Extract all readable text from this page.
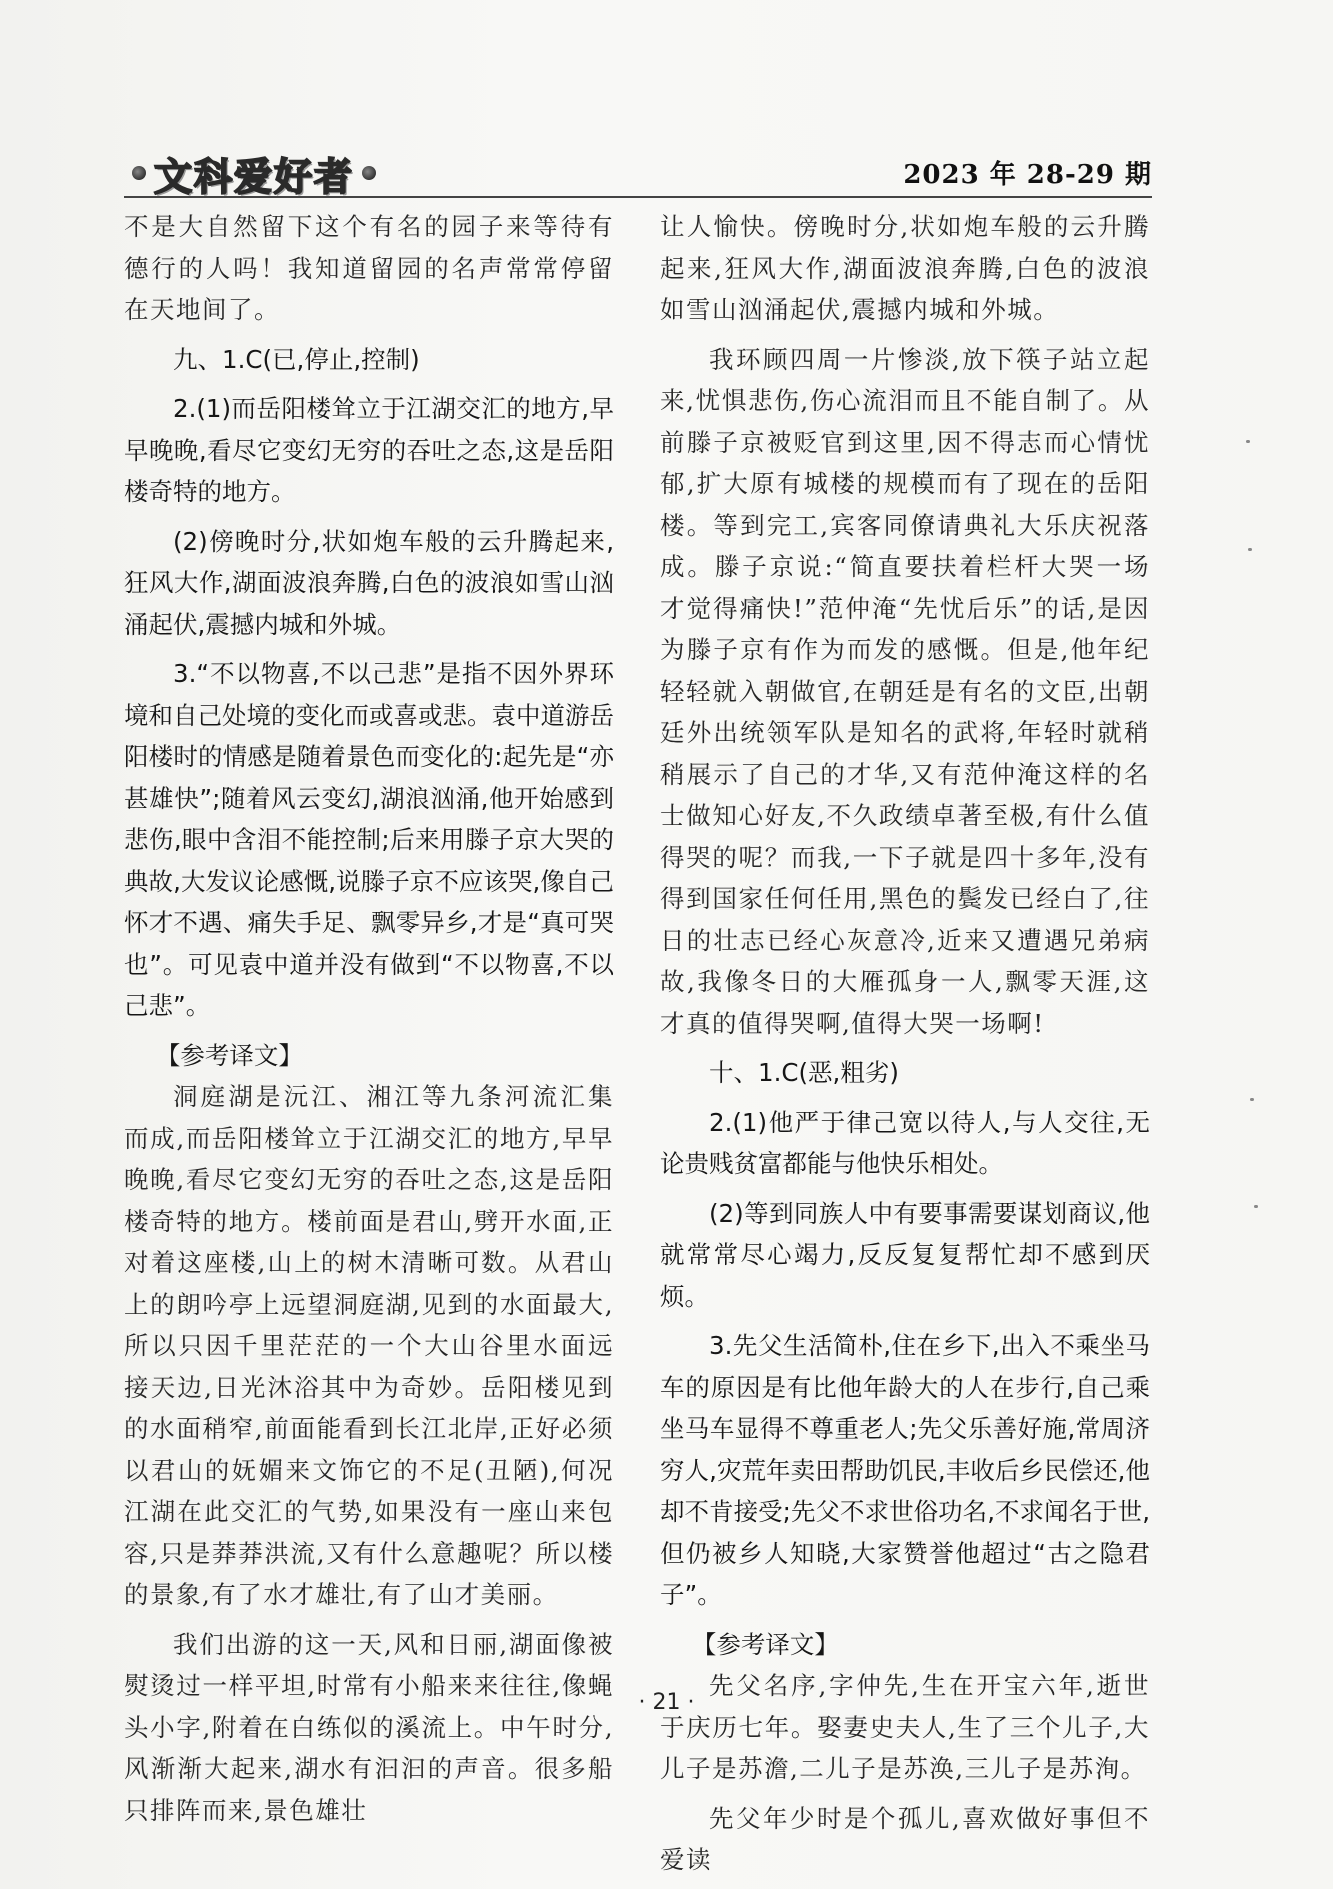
文科爱好者	2023 年 28-29 期

不是大自然留下这个有名的园子来等待有德行的人吗！我知道留园的名声常常停留在天地间了。

九、1.C(已,停止,控制)

2.(1)而岳阳楼耸立于江湖交汇的地方,早早晚晚,看尽它变幻无穷的吞吐之态,这是岳阳楼奇特的地方。

(2)傍晚时分,状如炮车般的云升腾起来,狂风大作,湖面波浪奔腾,白色的波浪如雪山汹涌起伏,震撼内城和外城。

3.“不以物喜,不以己悲”是指不因外界环境和自己处境的变化而或喜或悲。袁中道游岳阳楼时的情感是随着景色而变化的:起先是“亦甚雄快”;随着风云变幻,湖浪汹涌,他开始感到悲伤,眼中含泪不能控制;后来用滕子京大哭的典故,大发议论感慨,说滕子京不应该哭,像自己怀才不遇、痛失手足、飘零异乡,才是“真可哭也”。可见袁中道并没有做到“不以物喜,不以己悲”。

【参考译文】

洞庭湖是沅江、湘江等九条河流汇集而成,而岳阳楼耸立于江湖交汇的地方,早早晚晚,看尽它变幻无穷的吞吐之态,这是岳阳楼奇特的地方。楼前面是君山,劈开水面,正对着这座楼,山上的树木清晰可数。从君山上的朗吟亭上远望洞庭湖,见到的水面最大,所以只因千里茫茫的一个大山谷里水面远接天边,日光沐浴其中为奇妙。岳阳楼见到的水面稍窄,前面能看到长江北岸,正好必须以君山的妩媚来文饰它的不足(丑陋),何况江湖在此交汇的气势,如果没有一座山来包容,只是莽莽洪流,又有什么意趣呢？所以楼的景象,有了水才雄壮,有了山才美丽。

我们出游的这一天,风和日丽,湖面像被熨烫过一样平坦,时常有小船来来往往,像蝇头小字,附着在白练似的溪流上。中午时分,风渐渐大起来,湖水有汩汩的声音。很多船只排阵而来,景色雄壮

让人愉快。傍晚时分,状如炮车般的云升腾起来,狂风大作,湖面波浪奔腾,白色的波浪如雪山汹涌起伏,震撼内城和外城。

我环顾四周一片惨淡,放下筷子站立起来,忧惧悲伤,伤心流泪而且不能自制了。从前滕子京被贬官到这里,因不得志而心情忧郁,扩大原有城楼的规模而有了现在的岳阳楼。等到完工,宾客同僚请典礼大乐庆祝落成。滕子京说:“简直要扶着栏杆大哭一场才觉得痛快!”范仲淹“先忧后乐”的话,是因为滕子京有作为而发的感慨。但是,他年纪轻轻就入朝做官,在朝廷是有名的文臣,出朝廷外出统领军队是知名的武将,年轻时就稍稍展示了自己的才华,又有范仲淹这样的名士做知心好友,不久政绩卓著至极,有什么值得哭的呢？而我,一下子就是四十多年,没有得到国家任何任用,黑色的鬓发已经白了,往日的壮志已经心灰意冷,近来又遭遇兄弟病故,我像冬日的大雁孤身一人,飘零天涯,这才真的值得哭啊,值得大哭一场啊!

十、1.C(恶,粗劣)

2.(1)他严于律己宽以待人,与人交往,无论贵贱贫富都能与他快乐相处。

(2)等到同族人中有要事需要谋划商议,他就常常尽心竭力,反反复复帮忙却不感到厌烦。

3.先父生活简朴,住在乡下,出入不乘坐马车的原因是有比他年龄大的人在步行,自己乘坐马车显得不尊重老人;先父乐善好施,常周济穷人,灾荒年卖田帮助饥民,丰收后乡民偿还,他却不肯接受;先父不求世俗功名,不求闻名于世,但仍被乡人知晓,大家赞誉他超过“古之隐君子”。

【参考译文】

先父名序,字仲先,生在开宝六年,逝世于庆历七年。娶妻史夫人,生了三个儿子,大儿子是苏澹,二儿子是苏涣,三儿子是苏洵。

先父年少时是个孤儿,喜欢做好事但不爱读

· 21 ·
